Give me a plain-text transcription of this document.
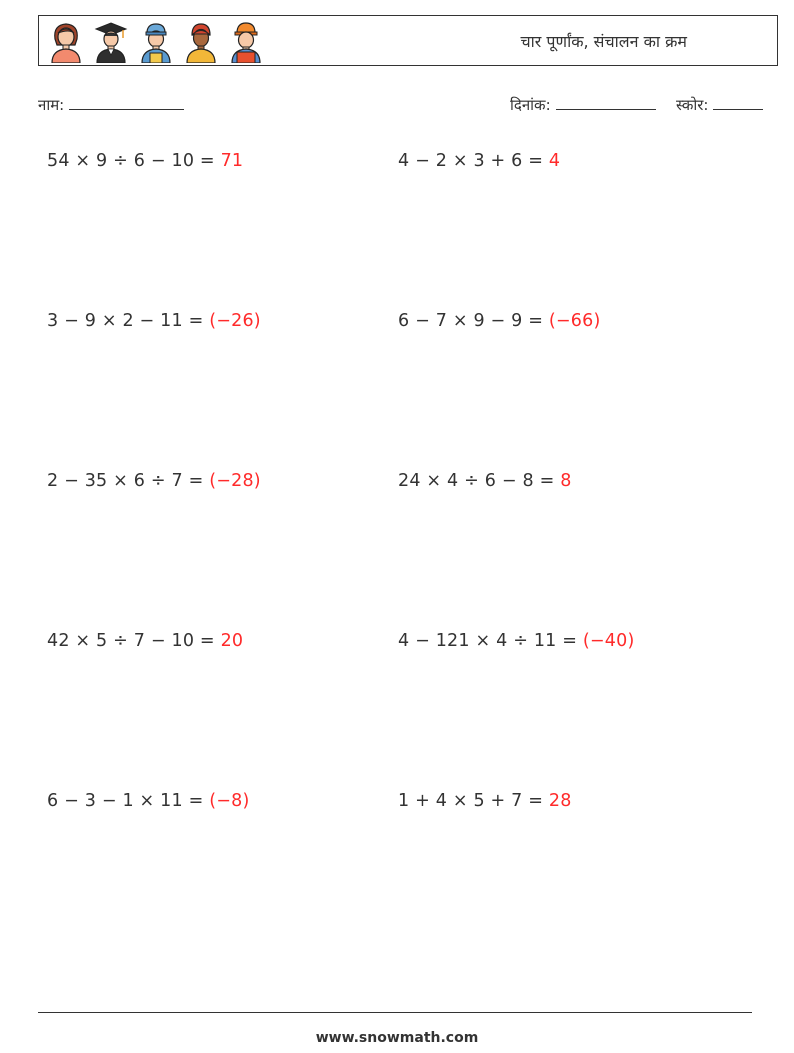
चार पूर्णांक, संचालन का क्रम
नाम:	दिनांक:	स्कोर:
54 × 9 ÷ 6 − 10 = 71	4 − 2 × 3 + 6 = 4
3 − 9 × 2 − 11 = (−26)	6 − 7 × 9 − 9 = (−66)
2 − 35 × 6 ÷ 7 = (−28)	24 × 4 ÷ 6 − 8 = 8
42 × 5 ÷ 7 − 10 = 20	4 − 121 × 4 ÷ 11 = (−40)
6 − 3 − 1 × 11 = (−8)	1 + 4 × 5 + 7 = 28
www.snowmath.com
